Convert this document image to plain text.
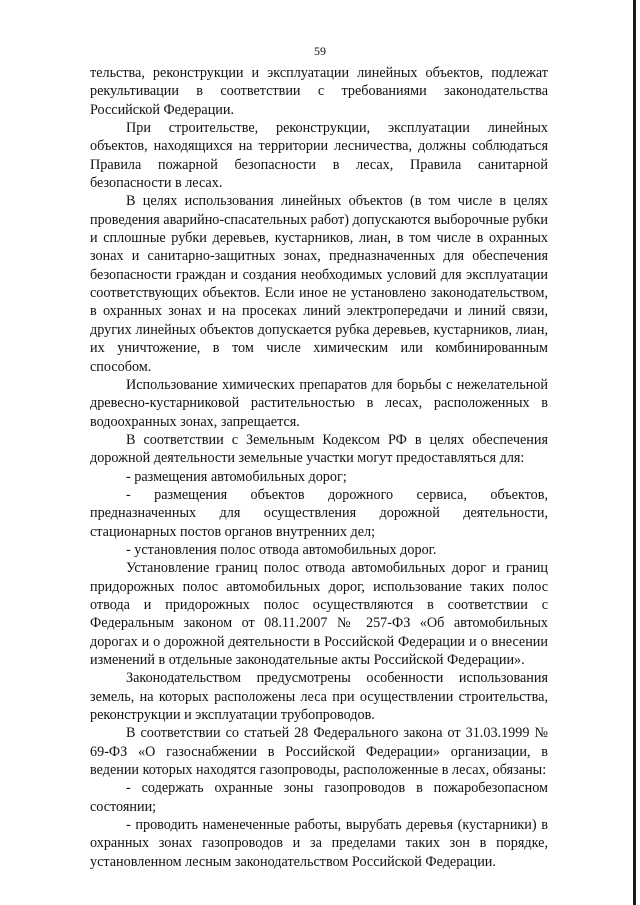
59

тельства, реконструкции и эксплуатации линейных объектов, подлежат рекультивации в соответствии с требованиями законодательства Российской Федерации.

При строительстве, реконструкции, эксплуатации линейных объектов, находящихся на территории лесничества, должны соблюдаться Правила пожарной безопасности в лесах, Правила санитарной безопасности в лесах.

В целях использования линейных объектов (в том числе в целях проведения аварийно-спасательных работ) допускаются выборочные рубки и сплошные рубки деревьев, кустарников, лиан, в том числе в охранных зонах и санитарно-защитных зонах, предназначенных для обеспечения безопасности граждан и создания необходимых условий для эксплуатации соответствующих объектов. Если иное не установлено законодательством, в охранных зонах и на просеках линий электропередачи и линий связи, других линейных объектов допускается рубка деревьев, кустарников, лиан, их уничтожение, в том числе химическим или комбинированным способом.

Использование химических препаратов для борьбы с нежелательной древесно-кустарниковой растительностью в лесах, расположенных в водоохранных зонах, запрещается.

В соответствии с Земельным Кодексом РФ в целях обеспечения дорожной деятельности земельные участки могут предоставляться для:

- размещения автомобильных дорог;

- размещения объектов дорожного сервиса, объектов, предназначенных для осуществления дорожной деятельности, стационарных постов органов внутренних дел;

- установления полос отвода автомобильных дорог.

Установление границ полос отвода автомобильных дорог и границ придорожных полос автомобильных дорог, использование таких полос отвода и придорожных полос осуществляются в соответствии с Федеральным законом от 08.11.2007 № 257-ФЗ «Об автомобильных дорогах и о дорожной деятельности в Российской Федерации и о внесении изменений в отдельные законодательные акты Российской Федерации».

Законодательством предусмотрены особенности использования земель, на которых расположены леса при осуществлении строительства, реконструкции и эксплуатации трубопроводов.

В соответствии со статьей 28 Федерального закона от 31.03.1999 № 69-ФЗ «О газоснабжении в Российской Федерации» организации, в ведении которых находятся газопроводы, расположенные в лесах, обязаны:

- содержать охранные зоны газопроводов в пожаробезопасном состоянии;

- проводить наменеченные работы, вырубать деревья (кустарники) в охранных зонах газопроводов и за пределами таких зон в порядке, установленном лесным законодательством Российской Федерации.
